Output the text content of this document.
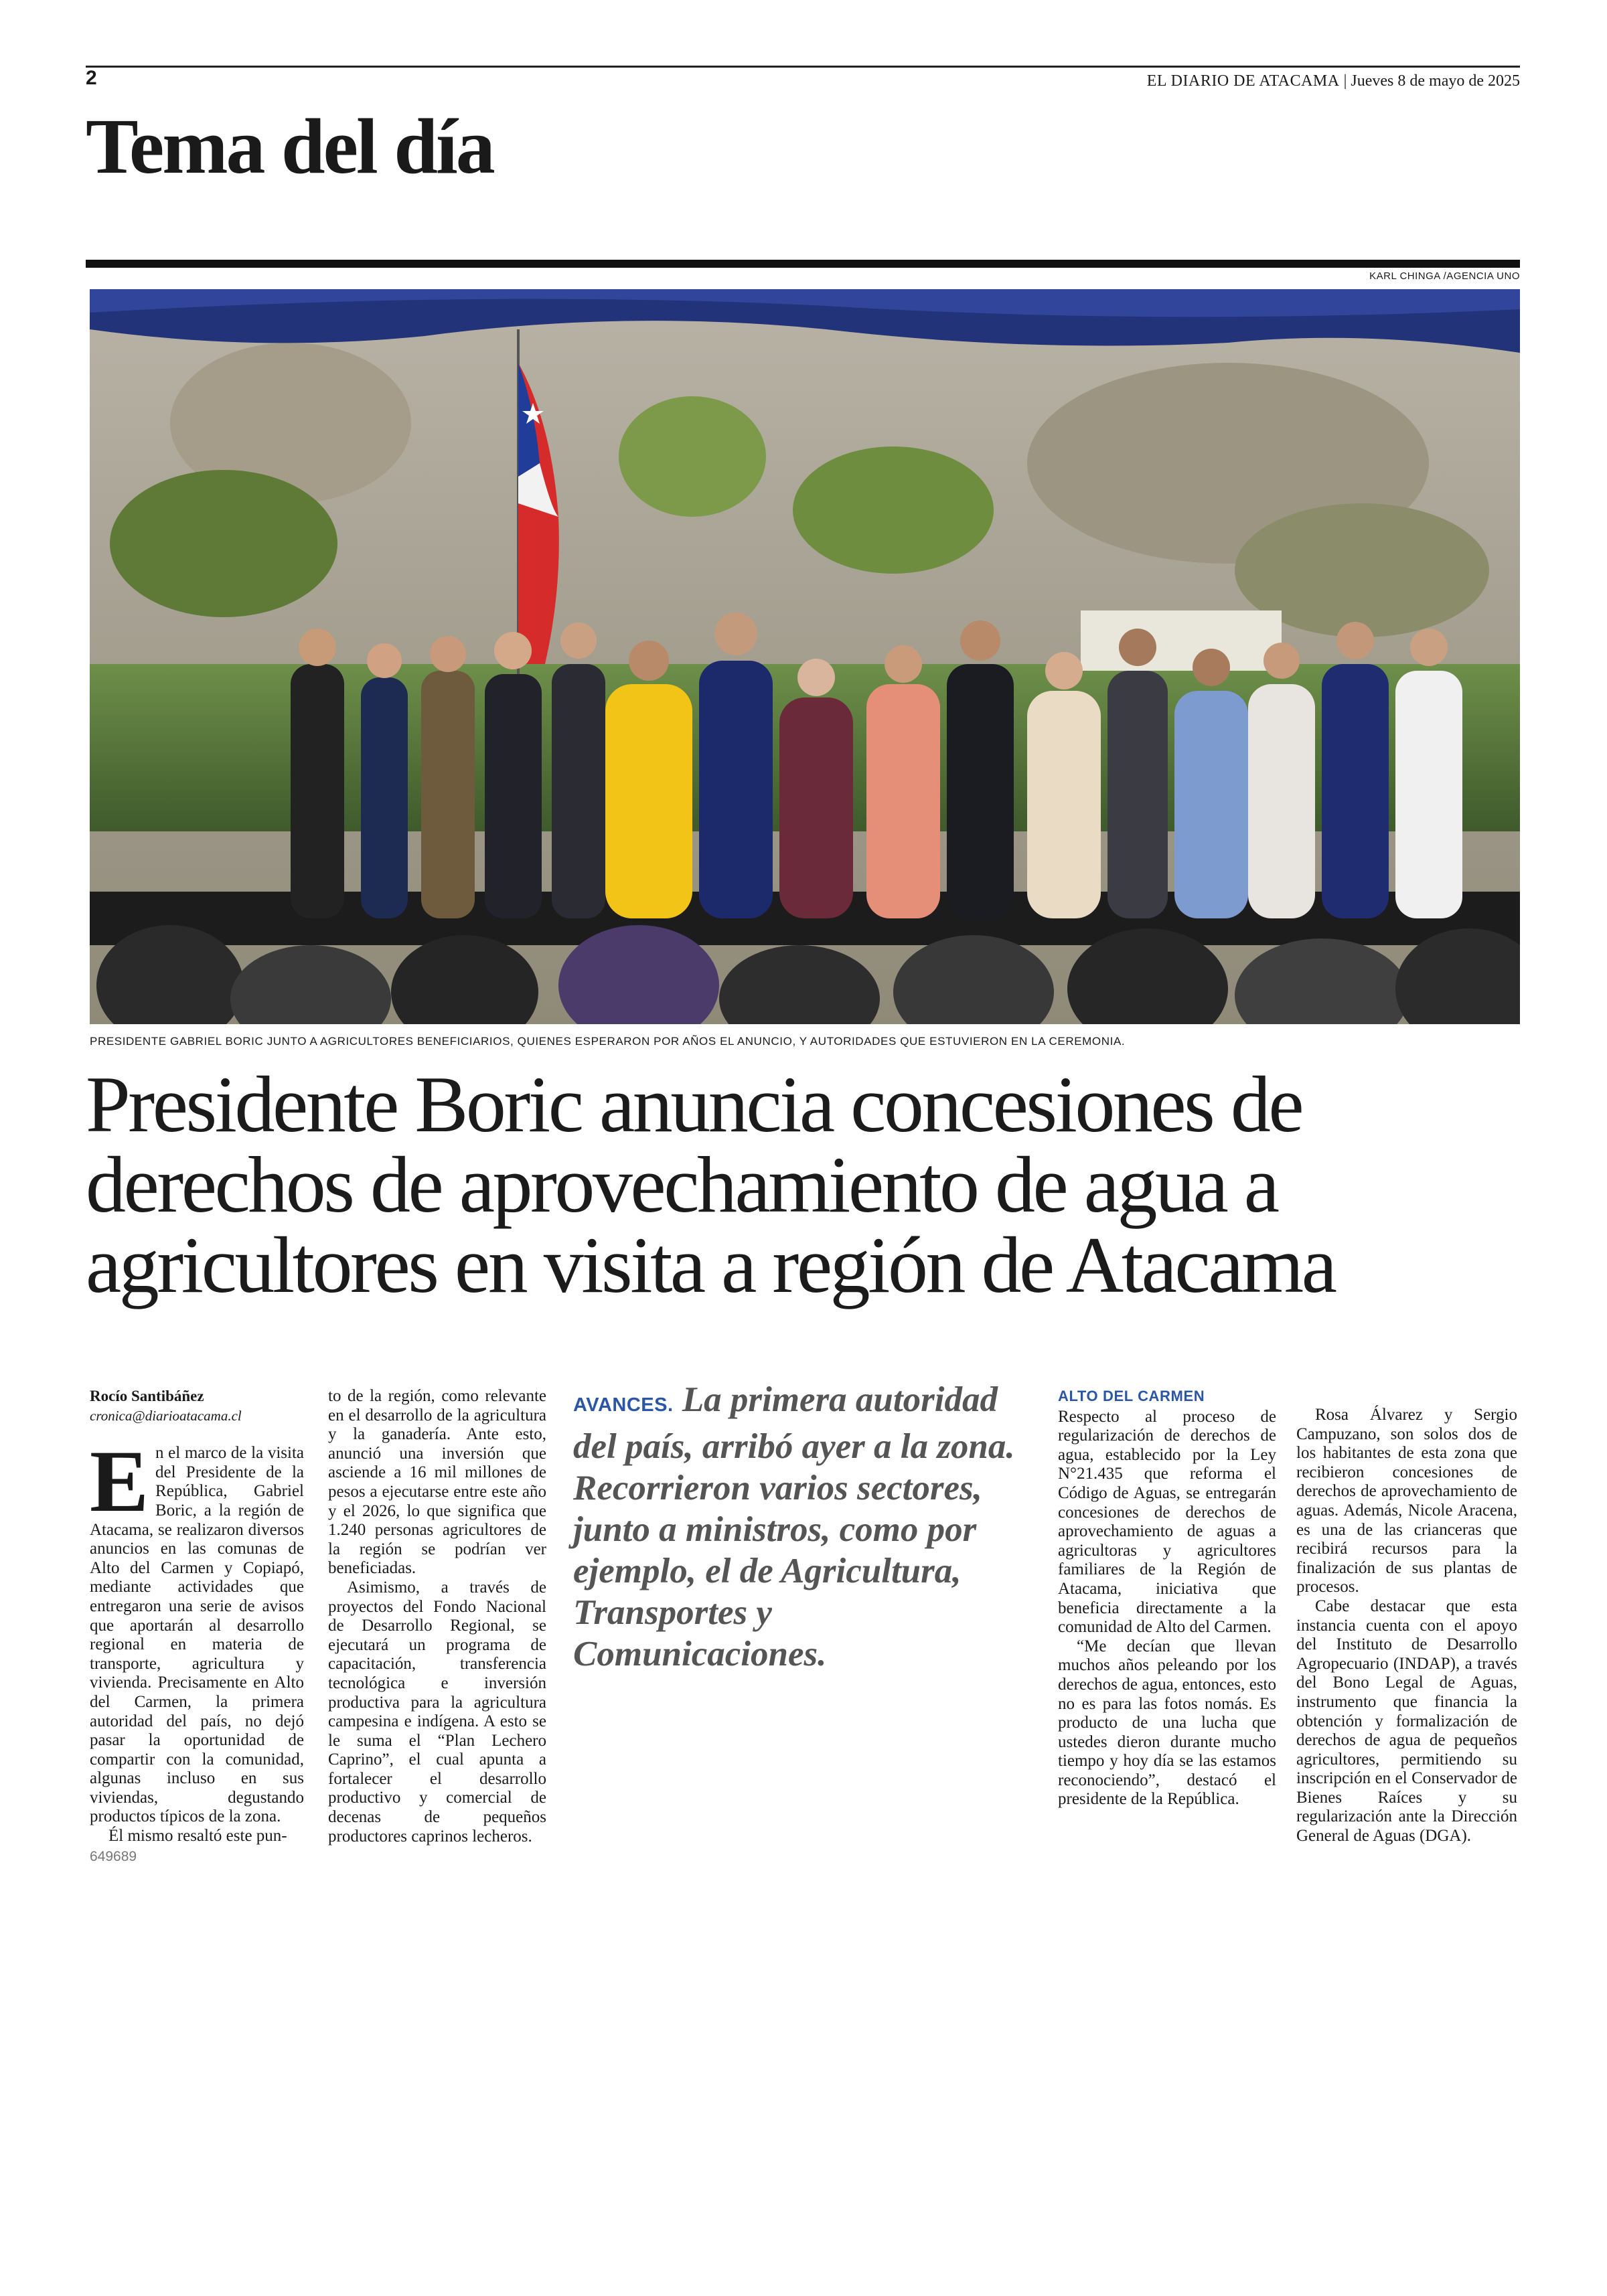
2	EL DIARIO DE ATACAMA | Jueves 8 de mayo de 2025
Tema del día
KARL CHINGA /AGENCIA UNO
PRESIDENTE GABRIEL BORIC JUNTO A AGRICULTORES BENEFICIARIOS, QUIENES ESPERARON POR AÑOS EL ANUNCIO, Y AUTORIDADES QUE ESTUVIERON EN LA CEREMONIA.
Presidente Boric anuncia concesiones de derechos de aprovechamiento de agua a agricultores en visita a región de Atacama
Rocío Santibáñez
cronica@diarioatacama.cl

En el marco de la visita del Presidente de la República, Gabriel Boric, a la región de Atacama, se realizaron diversos anuncios en las comunas de Alto del Carmen y Copiapó, mediante actividades que entregaron una serie de avisos que aportarán al desarrollo regional en materia de transporte, agricultura y vivienda. Precisamente en Alto del Carmen, la primera autoridad del país, no dejó pasar la oportunidad de compartir con la comunidad, algunas incluso en sus viviendas, degustando productos típicos de la zona.

Él mismo resaltó este pun-

649689

to de la región, como relevante en el desarrollo de la agricultura y la ganadería. Ante esto, anunció una inversión que asciende a 16 mil millones de pesos a ejecutarse entre este año y el 2026, lo que significa que 1.240 personas agricultores de la región se podrían ver beneficiadas.

Asimismo, a través de proyectos del Fondo Nacional de Desarrollo Regional, se ejecutará un programa de capacitación, transferencia tecnológica e inversión productiva para la agricultura campesina e indígena. A esto se le suma el “Plan Lechero Caprino”, el cual apunta a fortalecer el desarrollo productivo y comercial de decenas de pequeños productores caprinos lecheros.

AVANCES. La primera autoridad del país, arribó ayer a la zona. Recorrieron varios sectores, junto a ministros, como por ejemplo, el de Agricultura, Transportes y Comunicaciones.
ALTO DEL CARMEN

Respecto al proceso de regularización de derechos de agua, establecido por la Ley N°21.435 que reforma el Código de Aguas, se entregarán concesiones de derechos de aprovechamiento de aguas a agricultoras y agricultores familiares de la Región de Atacama, iniciativa que beneficia directamente a la comunidad de Alto del Carmen.

“Me decían que llevan muchos años peleando por los derechos de agua, entonces, esto no es para las fotos nomás. Es producto de una lucha que ustedes dieron durante mucho tiempo y hoy día se las estamos reconociendo”, destacó el presidente de la República.

Rosa Álvarez y Sergio Campuzano, son solos dos de los habitantes de esta zona que recibieron concesiones de derechos de aprovechamiento de aguas. Además, Nicole Aracena, es una de las crianceras que recibirá recursos para la finalización de sus plantas de procesos.

Cabe destacar que esta instancia cuenta con el apoyo del Instituto de Desarrollo Agropecuario (INDAP), a través del Bono Legal de Aguas, instrumento que financia la obtención y formalización de derechos de agua de pequeños agricultores, permitiendo su inscripción en el Conservador de Bienes Raíces y su regularización ante la Dirección General de Aguas (DGA).
